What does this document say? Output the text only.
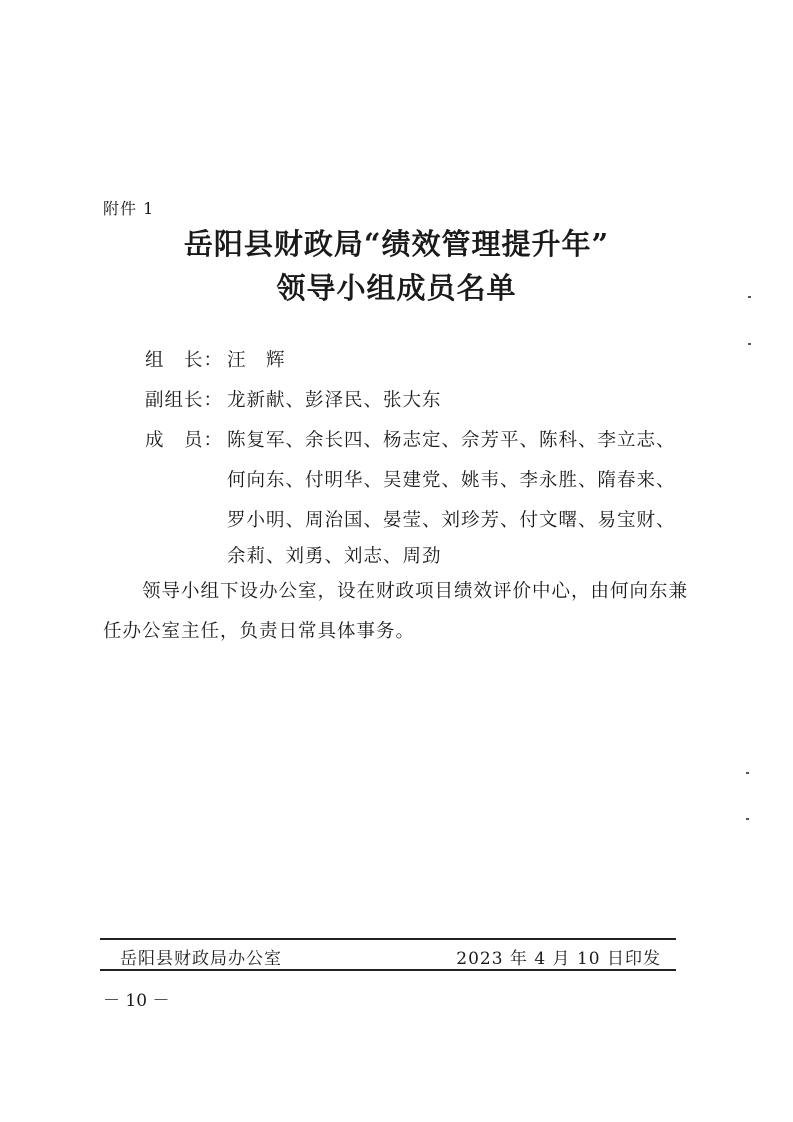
附件 1
岳阳县财政局“绩效管理提升年”
领导小组成员名单
组　长： 汪　辉
副组长： 龙新献、彭泽民、张大东
成　员： 陈复军、余长四、杨志定、佘芳平、陈科、李立志、
何向东、付明华、吴建党、姚韦、李永胜、隋春来、
罗小明、周治国、晏莹、刘珍芳、付文曙、易宝财、
余莉、刘勇、刘志、周劲
领导小组下设办公室，设在财政项目绩效评价中心，由何向东兼任办公室主任，负责日常具体事务。
岳阳县财政局办公室	2023 年 4 月 10 日印发
－ 10 －
